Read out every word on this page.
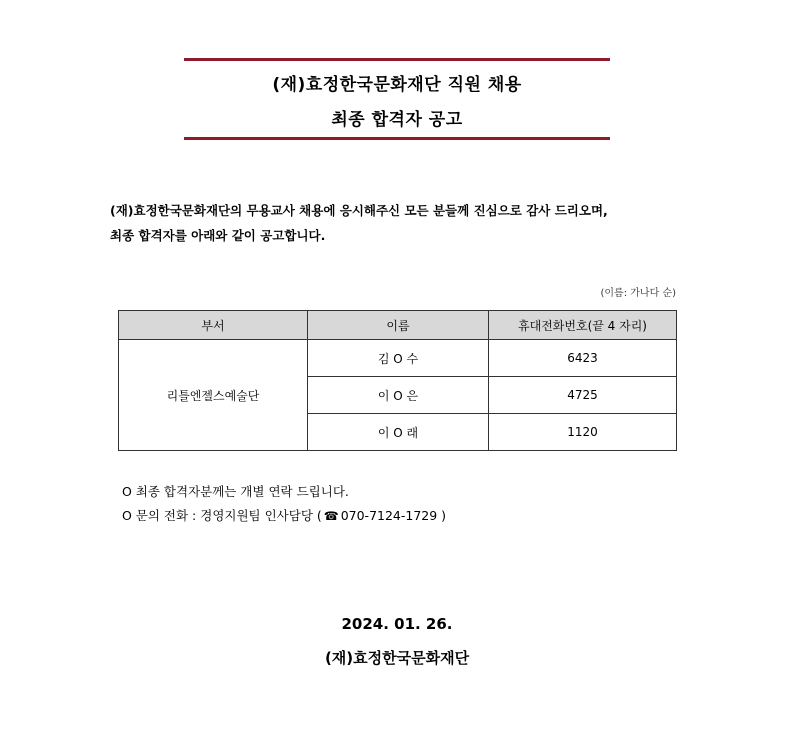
(재)효정한국문화재단 직원 채용
최종 합격자 공고
(재)효정한국문화재단의 무용교사 채용에 응시해주신 모든 분들께 진심으로 감사 드리오며,
최종 합격자를 아래와 같이 공고합니다.
(이름: 가나다 순)
부서	이름	휴대전화번호(끝 4 자리)
리틀엔젤스예술단	김 O 수	6423
	이 O 은	4725
	이 O 래	1120
O 최종 합격자분께는 개별 연락 드립니다.
O 문의 전화 : 경영지원팀 인사담당 ( ☎ 070-7124-1729 )
2024. 01. 26.
(재)효정한국문화재단
